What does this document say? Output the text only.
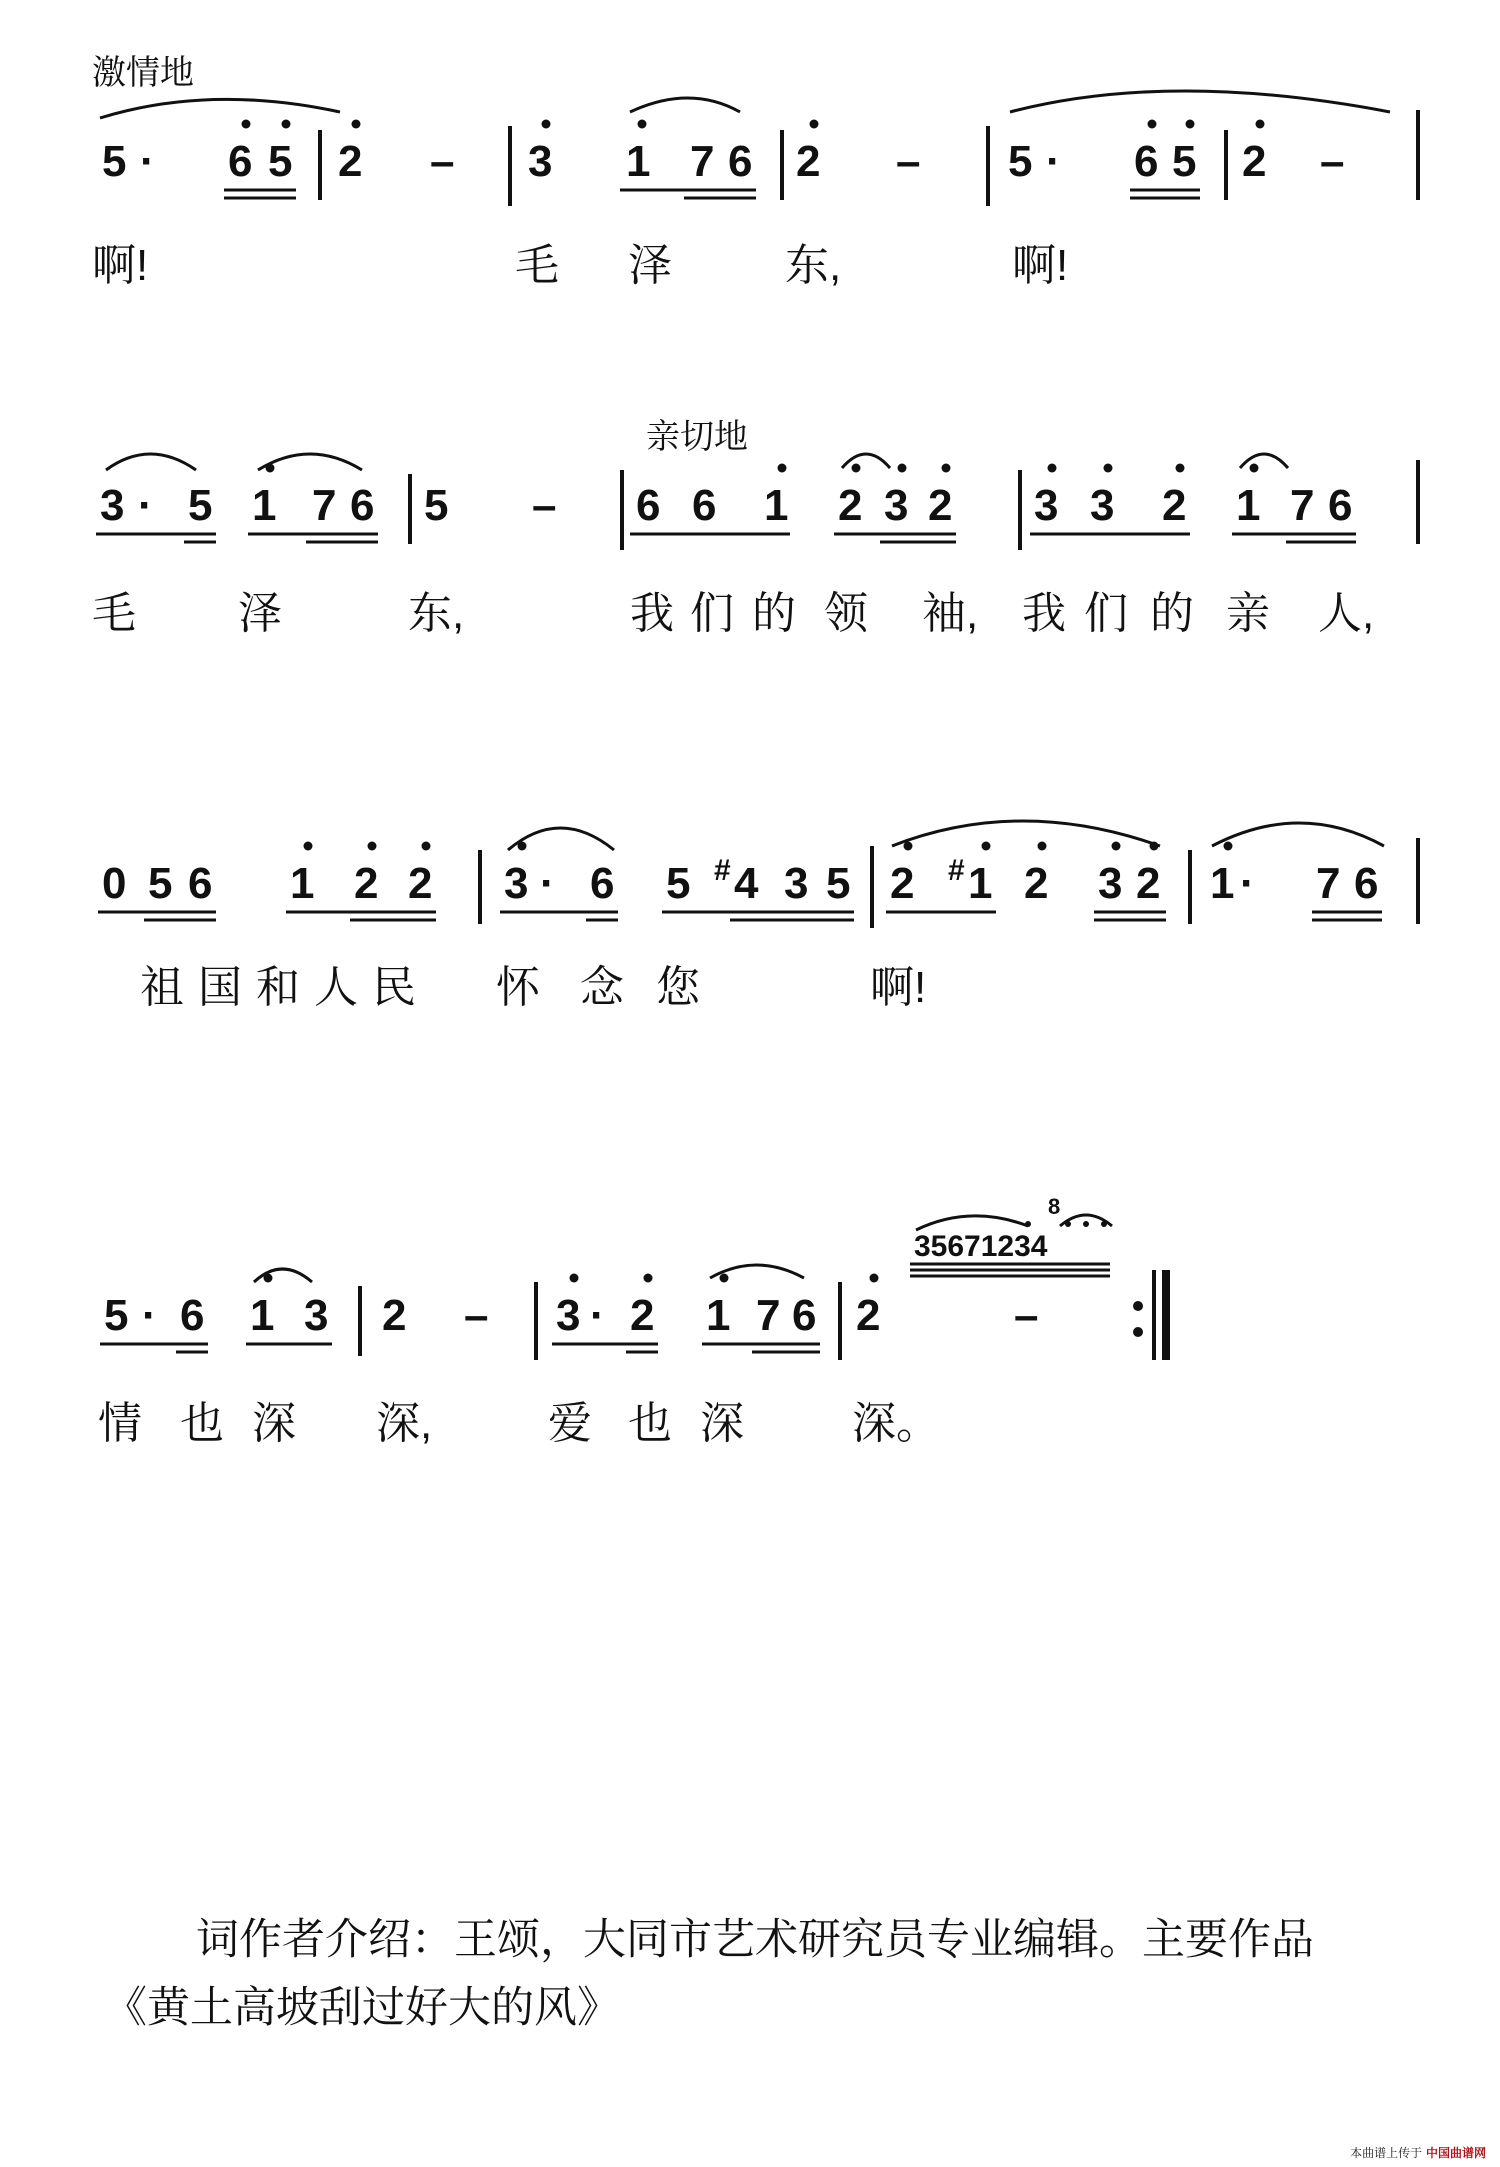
激情地
5 · 6 5 2 – 3 1 7 6 2 – 5 · 6 5 2 –
啊!	毛 泽	东,	啊!
亲切地
3 · 5 1 7 6 5 – 6 6 1 2 3 2 3 3 2 1 7 6
毛 泽	东,	我 们 的 领 袖, 我 们 的 亲 人,
0 5 6 1 2 2 3 · 6 5 # 4 3 5 2 # 1 2 3 2 1 · 7 6
祖 国 和 人 民 怀 念 您	啊!
5 · 6 1 3 2 – 3 · 2 1 7 6 2	–
35671234
8
情 也 深 深,	爱 也 深 深。
词作者介绍：王颂，大同市艺术研究员专业编辑。主要作品
《黄土高坡刮过好大的风》
本曲谱上传于 中国曲谱网
